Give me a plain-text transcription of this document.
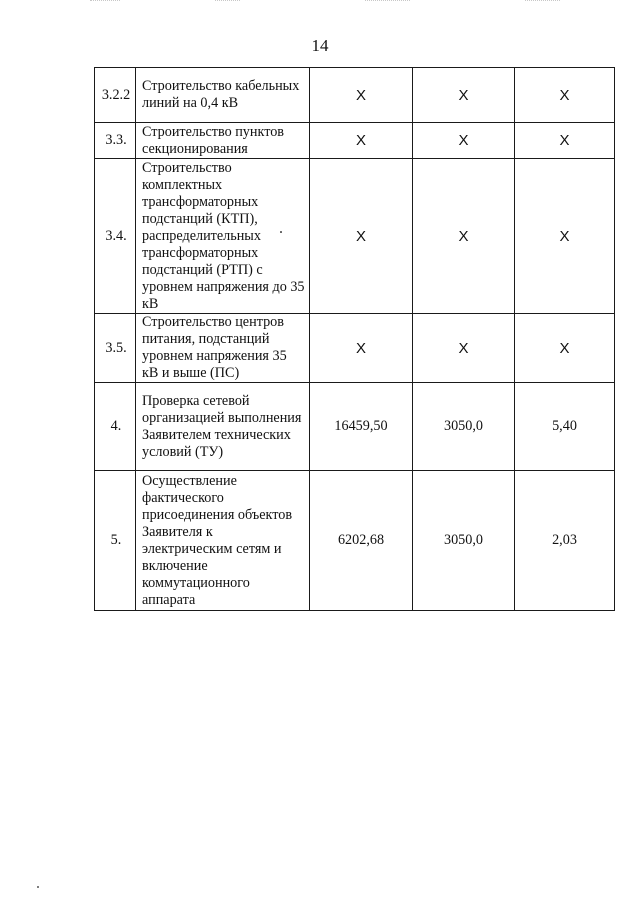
14
3.2.2	Строительство кабельных линий на 0,4 кВ	X	X	X
3.3.	Строительство пунктов секционирования	X	X	X
3.4.	Строительство комплектных трансформаторных подстанций (КТП), распределительных трансформаторных подстанций (РТП) с уровнем напряжения до 35 кВ	X	X	X
3.5.	Строительство центров питания, подстанций уровнем напряжения 35 кВ и выше (ПС)	X	X	X
4.	Проверка сетевой организацией выполнения Заявителем технических условий (ТУ)	16459,50	3050,0	5,40
5.	Осуществление фактического присоединения объектов Заявителя к электрическим сетям и включение коммутационного аппарата	6202,68	3050,0	2,03
